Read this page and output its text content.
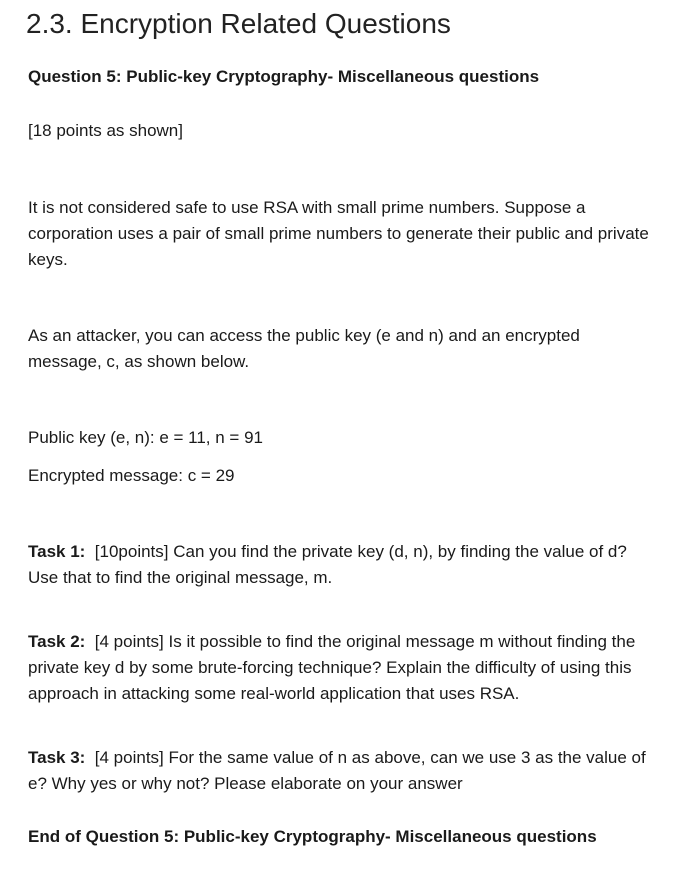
2.3. Encryption Related Questions
Question 5: Public-key Cryptography- Miscellaneous questions
[18 points as shown]
It is not considered safe to use RSA with small prime numbers. Suppose a corporation uses a pair of small prime numbers to generate their public and private keys.
As an attacker, you can access the public key (e and n) and an encrypted message, c, as shown below.
Public key (e, n): e = 11, n = 91
Encrypted message: c = 29
Task 1: [10points] Can you find the private key (d, n), by finding the value of d? Use that to find the original message, m.
Task 2: [4 points] Is it possible to find the original message m without finding the private key d by some brute-forcing technique? Explain the difficulty of using this approach in attacking some real-world application that uses RSA.
Task 3: [4 points] For the same value of n as above, can we use 3 as the value of e? Why yes or why not? Please elaborate on your answer
End of Question 5: Public-key Cryptography- Miscellaneous questions
